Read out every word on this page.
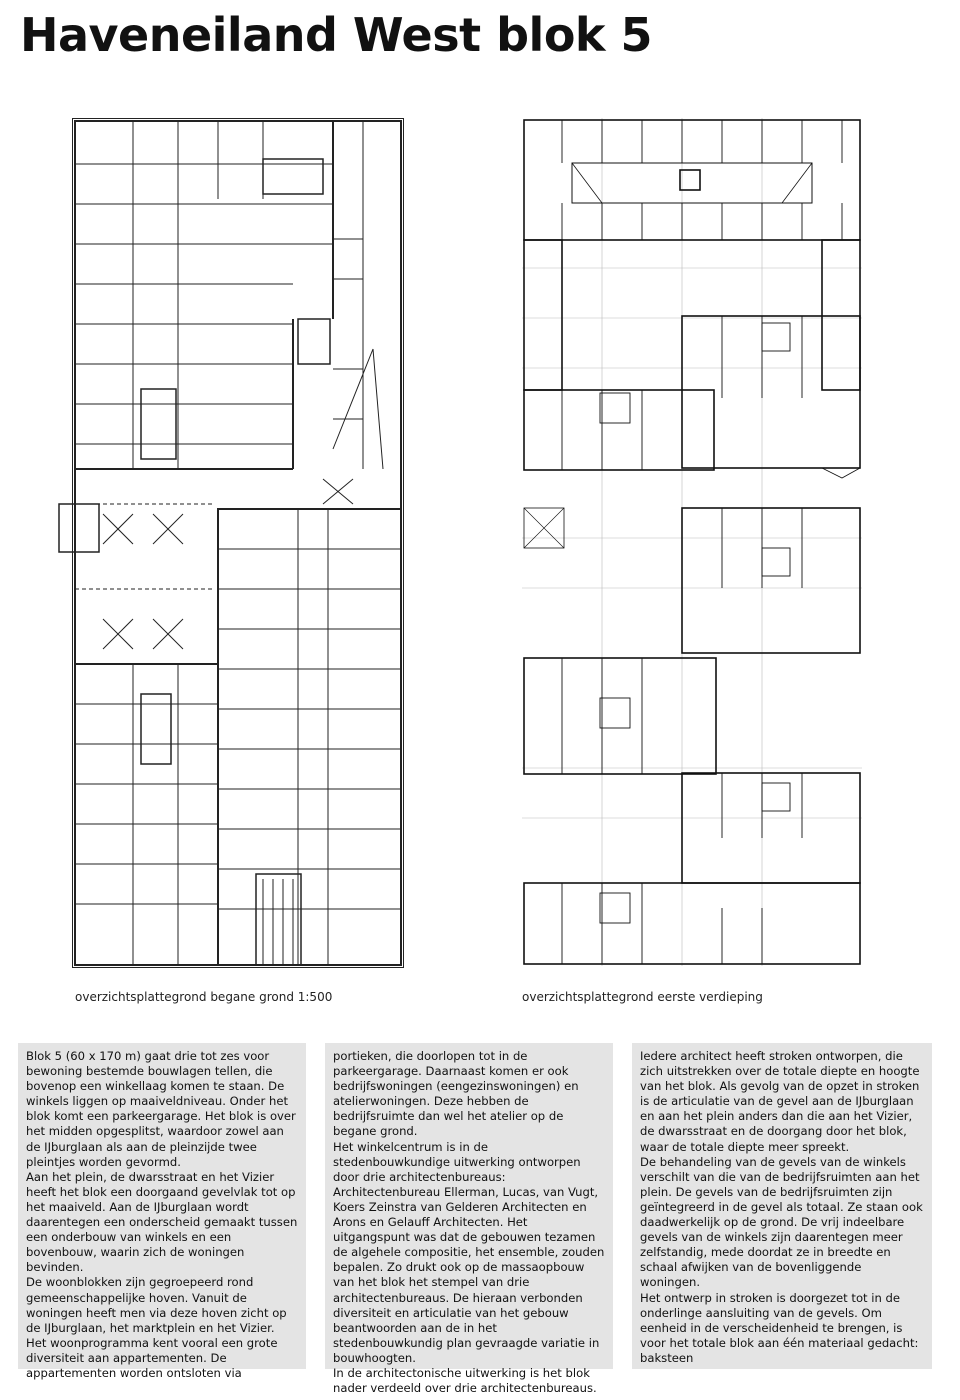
Haveneiland West blok 5
overzichtsplattegrond begane grond 1:500	overzichtsplattegrond eerste verdieping

Blok 5 (60 x 170 m) gaat drie tot zes voor bewoning bestemde bouwlagen tellen, die bovenop een winkellaag komen te staan. De winkels liggen op maaiveldniveau. Onder het blok komt een parkeergarage. Het blok is over het midden opgesplitst, waardoor zowel aan de IJburglaan als aan de pleinzijde twee pleintjes worden gevormd.

Aan het plein, de dwarsstraat en het Vizier heeft het blok een doorgaand gevelvlak tot op het maaiveld. Aan de IJburglaan wordt daarentegen een onderscheid gemaakt tussen een onderbouw van winkels en een bovenbouw, waarin zich de woningen bevinden.

De woonblokken zijn gegroepeerd rond gemeenschappelijke hoven. Vanuit de woningen heeft men via deze hoven zicht op de IJburglaan, het marktplein en het Vizier. Het woonprogramma kent vooral een grote diversiteit aan appartementen. De appartementen worden ontsloten via

portieken, die doorlopen tot in de parkeergarage. Daarnaast komen er ook bedrijfswoningen (eengezinswoningen) en atelierwoningen. Deze hebben de bedrijfsruimte dan wel het atelier op de begane grond.

Het winkelcentrum is in de stedenbouwkundige uitwerking ontworpen door drie architectenbureaus: Architectenbureau Ellerman, Lucas, van Vugt, Koers Zeinstra van Gelderen Architecten en Arons en Gelauff Architecten. Het uitgangspunt was dat de gebouwen tezamen de algehele compositie, het ensemble, zouden bepalen. Zo drukt ook op de massaopbouw van het blok het stempel van drie architectenbureaus. De hieraan verbonden diversiteit en articulatie van het gebouw beantwoorden aan de in het stedenbouwkundig plan gevraagde variatie in bouwhoogten.

In de architectonische uitwerking is het blok nader verdeeld over drie architectenbureaus.

Iedere architect heeft stroken ontworpen, die zich uitstrekken over de totale diepte en hoogte van het blok. Als gevolg van de opzet in stroken is de articulatie van de gevel aan de IJburglaan en aan het plein anders dan die aan het Vizier, de dwarsstraat en de doorgang door het blok, waar de totale diepte meer spreekt.

De behandeling van de gevels van de winkels verschilt van die van de bedrijfsruimten aan het plein. De gevels van de bedrijfsruimten zijn geïntegreerd in de gevel als totaal. Ze staan ook daadwerkelijk op de grond. De vrij indeelbare gevels van de winkels zijn daarentegen meer zelfstandig, mede doordat ze in breedte en schaal afwijken van de bovenliggende woningen.

Het ontwerp in stroken is doorgezet tot in de onderlinge aansluiting van de gevels. Om eenheid in de verscheidenheid te brengen, is voor het totale blok aan één materiaal gedacht: baksteen
